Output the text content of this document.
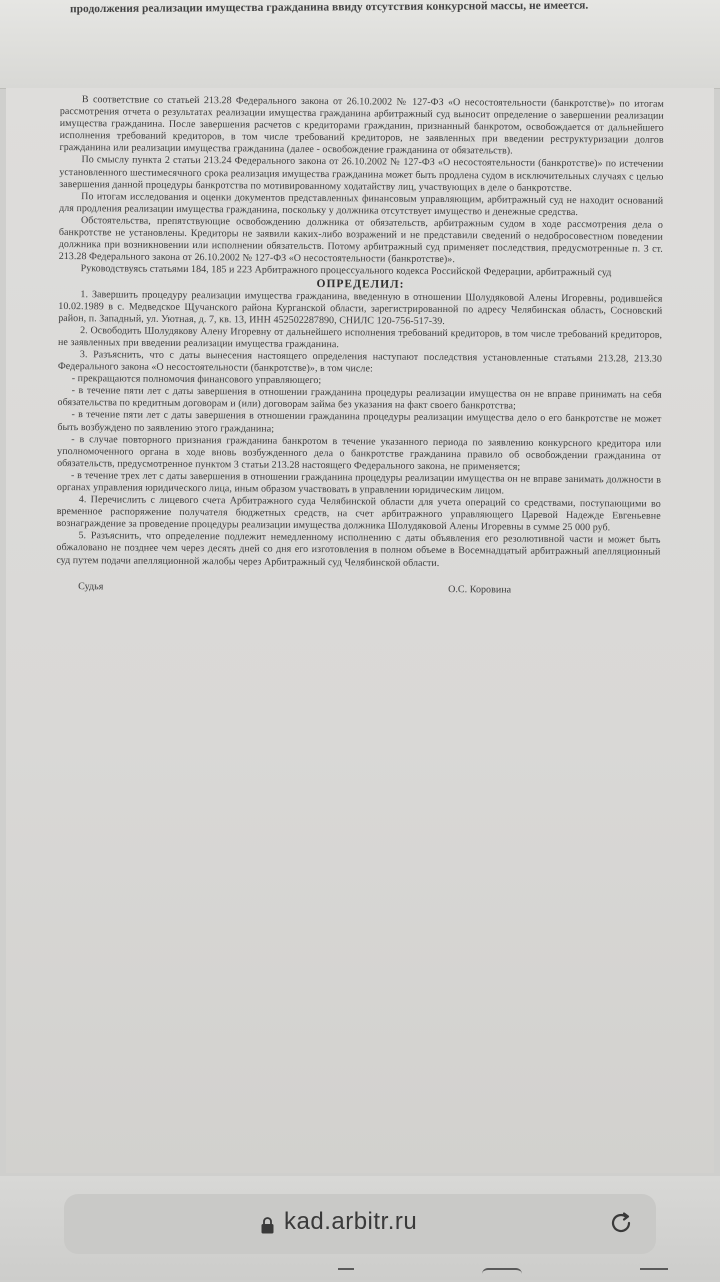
продолжения реализации имущества гражданина ввиду отсутствия конкурсной массы, не имеется.

В соответствие со статьей 213.28 Федерального закона от 26.10.2002 № 127-ФЗ «О несостоятельности (банкротстве)» по итогам рассмотрения отчета о результатах реализации имущества гражданина арбитражный суд выносит определение о завершении реализации имущества гражданина. После завершения расчетов с кредиторами гражданин, признанный банкротом, освобождается от дальнейшего исполнения требований кредиторов, в том числе требований кредиторов, не заявленных при введении реструктуризации долгов гражданина или реализации имущества гражданина (далее - освобождение гражданина от обязательств).

По смыслу пункта 2 статьи 213.24 Федерального закона от 26.10.2002 № 127-ФЗ «О несостоятельности (банкротстве)» по истечении установленного шестимесячного срока реализация имущества гражданина может быть продлена судом в исключительных случаях с целью завершения данной процедуры банкротства по мотивированному ходатайству лиц, участвующих в деле о банкротстве.

По итогам исследования и оценки документов представленных финансовым управляющим, арбитражный суд не находит оснований для продления реализации имущества гражданина, поскольку у должника отсутствует имущество и денежные средства.

Обстоятельства, препятствующие освобождению должника от обязательств, арбитражным судом в ходе рассмотрения дела о банкротстве не установлены. Кредиторы не заявили каких-либо возражений и не представили сведений о недобросовестном поведении должника при возникновении или исполнении обязательств. Потому арбитражный суд применяет последствия, предусмотренные п. 3 ст. 213.28 Федерального закона от 26.10.2002 № 127-ФЗ «О несостоятельности (банкротстве)».

Руководствуясь статьями 184, 185 и 223 Арбитражного процессуального кодекса Российской Федерации, арбитражный суд

ОПРЕДЕЛИЛ:

1. Завершить процедуру реализации имущества гражданина, введенную в отношении Шолудяковой Алены Игоревны, родившейся 10.02.1989 в с. Медведское Щучанского района Курганской области, зарегистрированной по адресу Челябинская область, Сосновский район, п. Западный, ул. Уютная, д. 7, кв. 13, ИНН 452502287890, СНИЛС 120-756-517-39.

2. Освободить Шолудякову Алену Игоревну от дальнейшего исполнения требований кредиторов, в том числе требований кредиторов, не заявленных при введении реализации имущества гражданина.

3. Разъяснить, что с даты вынесения настоящего определения наступают последствия установленные статьями 213.28, 213.30 Федерального закона «О несостоятельности (банкротстве)», в том числе:

- прекращаются полномочия финансового управляющего;

- в течение пяти лет с даты завершения в отношении гражданина процедуры реализации имущества он не вправе принимать на себя обязательства по кредитным договорам и (или) договорам займа без указания на факт своего банкротства;

- в течение пяти лет с даты завершения в отношении гражданина процедуры реализации имущества дело о его банкротстве не может быть возбуждено по заявлению этого гражданина;

- в случае повторного признания гражданина банкротом в течение указанного периода по заявлению конкурсного кредитора или уполномоченного органа в ходе вновь возбужденного дела о банкротстве гражданина правило об освобождении гражданина от обязательств, предусмотренное пунктом 3 статьи 213.28 настоящего Федерального закона, не применяется;

- в течение трех лет с даты завершения в отношении гражданина процедуры реализации имущества он не вправе занимать должности в органах управления юридического лица, иным образом участвовать в управлении юридическим лицом.

4. Перечислить с лицевого счета Арбитражного суда Челябинской области для учета операций со средствами, поступающими во временное распоряжение получателя бюджетных средств, на счет арбитражного управляющего Царевой Надежде Евгеньевне вознаграждение за проведение процедуры реализации имущества должника Шолудяковой Алены Игоревны в сумме 25 000 руб.

5. Разъяснить, что определение подлежит немедленному исполнению с даты объявления его резолютивной части и может быть обжаловано не позднее чем через десять дней со дня его изготовления в полном объеме в Восемнадцатый арбитражный апелляционный суд путем подачи апелляционной жалобы через Арбитражный суд Челябинской области.

Судья	О.С. Коровина
kad.arbitr.ru
